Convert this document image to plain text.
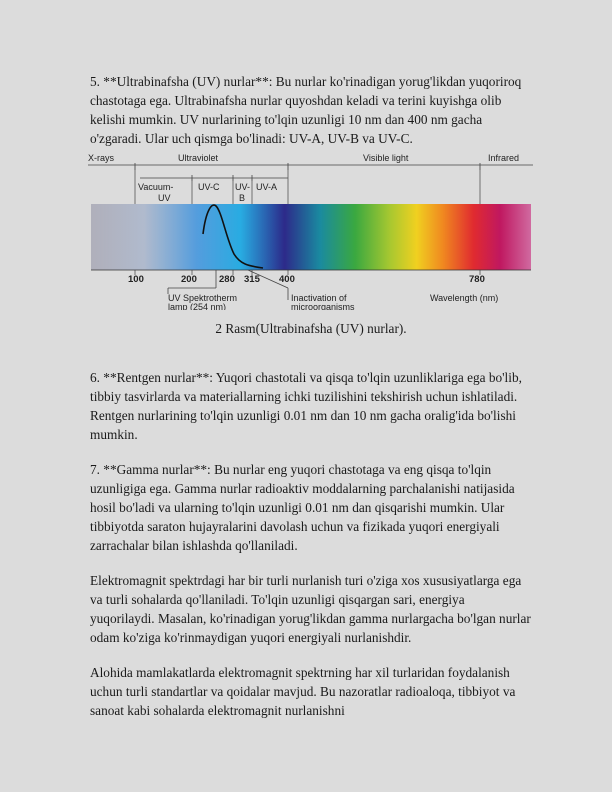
5. **Ultrabinafsha (UV) nurlar**: Bu nurlar ko'rinadigan yorug'likdan yuqoriroq chastotaga ega. Ultrabinafsha nurlar quyoshdan keladi va terini kuyishga olib kelishi mumkin. UV nurlarining to'lqin uzunligi 10 nm dan 400 nm gacha o'zgaradi. Ular uch qismga bo'linadi: UV-A, UV-B va UV-C.

X-rays	Ultraviolet	Visible light	Infrared
Vacuum-
UV
UV-C UV-
B
UV-A
100	200 280 315 400	780
UV Spektrotherm
lamp (254 nm)
Inactivation of
microorganisms
Wavelength (nm)

2 Rasm(Ultrabinafsha (UV) nurlar).

6. **Rentgen nurlar**: Yuqori chastotali va qisqa to'lqin uzunliklariga ega bo'lib, tibbiy tasvirlarda va materiallarning ichki tuzilishini tekshirish uchun ishlatiladi. Rentgen nurlarining to'lqin uzunligi 0.01 nm dan 10 nm gacha oralig'ida bo'lishi mumkin.

7. **Gamma nurlar**: Bu nurlar eng yuqori chastotaga va eng qisqa to'lqin uzunligiga ega. Gamma nurlar radioaktiv moddalarning parchalanishi natijasida hosil bo'ladi va ularning to'lqin uzunligi 0.01 nm dan qisqarishi mumkin. Ular tibbiyotda saraton hujayralarini davolash uchun va fizikada yuqori energiyali zarrachalar bilan ishlashda qo'llaniladi.

Elektromagnit spektrdagi har bir turli nurlanish turi o'ziga xos xususiyatlarga ega va turli sohalarda qo'llaniladi. To'lqin uzunligi qisqargan sari, energiya yuqorilaydi. Masalan, ko'rinadigan yorug'likdan gamma nurlargacha bo'lgan nurlar odam ko'ziga ko'rinmaydigan yuqori energiyali nurlanishdir.

Alohida mamlakatlarda elektromagnit spektrning har xil turlaridan foydalanish uchun turli standartlar va qoidalar mavjud. Bu nazoratlar radioaloqa, tibbiyot va sanoat kabi sohalarda elektromagnit nurlanishni
